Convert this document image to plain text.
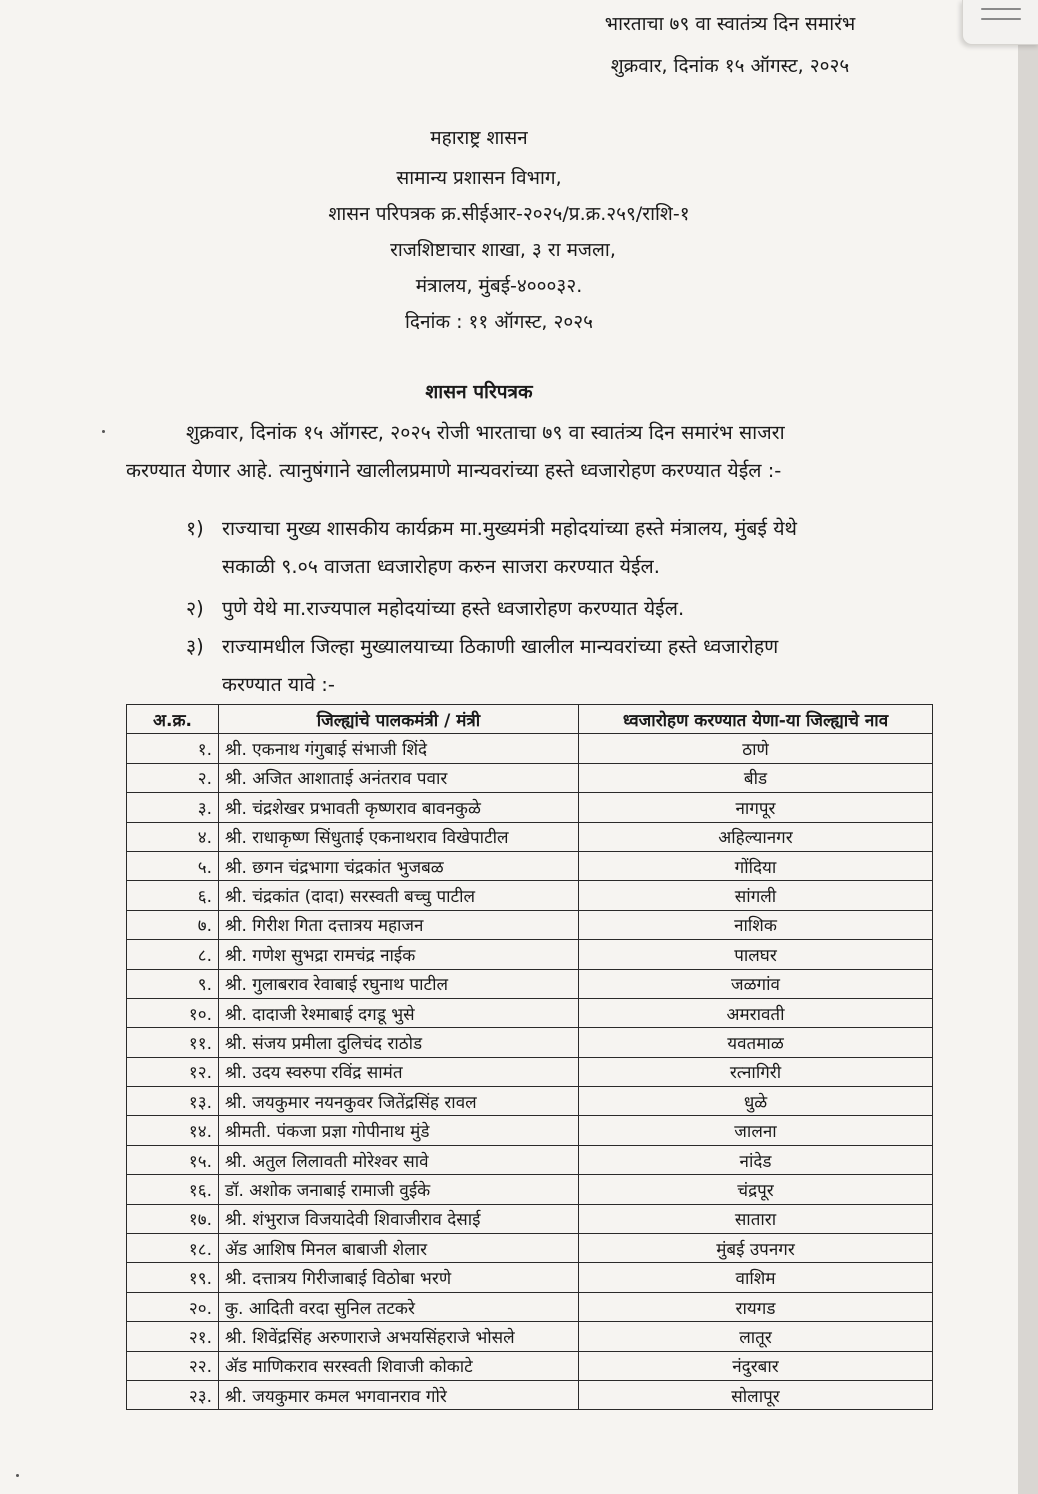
भारताचा ७९ वा स्वातंत्र्य दिन समारंभ
शुक्रवार, दिनांक १५ ऑगस्ट, २०२५
महाराष्ट्र शासन
सामान्य प्रशासन विभाग,
शासन परिपत्रक क्र.सीईआर-२०२५/प्र.क्र.२५९/राशि-१
राजशिष्टाचार शाखा, ३ रा मजला,
मंत्रालय, मुंबई-४०००३२.
दिनांक : ११ ऑगस्ट, २०२५
शासन परिपत्रक
शुक्रवार, दिनांक १५ ऑगस्ट, २०२५ रोजी भारताचा ७९ वा स्वातंत्र्य दिन समारंभ साजरा
करण्यात येणार आहे. त्यानुषंगाने खालीलप्रमाणे मान्यवरांच्या हस्ते ध्वजारोहण करण्यात येईल :-
१) राज्याचा मुख्य शासकीय कार्यक्रम मा.मुख्यमंत्री महोदयांच्या हस्ते मंत्रालय, मुंबई येथे
सकाळी ९.०५ वाजता ध्वजारोहण करुन साजरा करण्यात येईल.
२) पुणे येथे मा.राज्यपाल महोदयांच्या हस्ते ध्वजारोहण करण्यात येईल.
३) राज्यामधील जिल्हा मुख्यालयाच्या ठिकाणी खालील मान्यवरांच्या हस्ते ध्वजारोहण
करण्यात यावे :-
अ.क्र.	जिल्ह्यांचे पालकमंत्री / मंत्री	ध्वजारोहण करण्यात येणा-या जिल्ह्याचे नाव
१.	श्री. एकनाथ गंगुबाई संभाजी शिंदे	ठाणे
२.	श्री. अजित आशाताई अनंतराव पवार	बीड
३.	श्री. चंद्रशेखर प्रभावती कृष्णराव बावनकुळे	नागपूर
४.	श्री. राधाकृष्ण सिंधुताई एकनाथराव विखेपाटील	अहिल्यानगर
५.	श्री. छगन चंद्रभागा चंद्रकांत भुजबळ	गोंदिया
६.	श्री. चंद्रकांत (दादा) सरस्वती बच्चु पाटील	सांगली
७.	श्री. गिरीश गिता दत्तात्रय महाजन	नाशिक
८.	श्री. गणेश सुभद्रा रामचंद्र नाईक	पालघर
९.	श्री. गुलाबराव रेवाबाई रघुनाथ पाटील	जळगांव
१०.	श्री. दादाजी रेश्माबाई दगडू भुसे	अमरावती
११.	श्री. संजय प्रमीला दुलिचंद राठोड	यवतमाळ
१२.	श्री. उदय स्वरुपा रविंद्र सामंत	रत्नागिरी
१३.	श्री. जयकुमार नयनकुवर जितेंद्रसिंह रावल	धुळे
१४.	श्रीमती. पंकजा प्रज्ञा गोपीनाथ मुंडे	जालना
१५.	श्री. अतुल लिलावती मोरेश्वर सावे	नांदेड
१६.	डॉ. अशोक जनाबाई रामाजी वुईके	चंद्रपूर
१७.	श्री. शंभुराज विजयादेवी शिवाजीराव देसाई	सातारा
१८.	ॲड आशिष मिनल बाबाजी शेलार	मुंबई उपनगर
१९.	श्री. दत्तात्रय गिरीजाबाई विठोबा भरणे	वाशिम
२०.	कु. आदिती वरदा सुनिल तटकरे	रायगड
२१.	श्री. शिवेंद्रसिंह अरुणाराजे अभयसिंहराजे भोसले	लातूर
२२.	ॲड माणिकराव सरस्वती शिवाजी कोकाटे	नंदुरबार
२३.	श्री. जयकुमार कमल भगवानराव गोरे	सोलापूर
